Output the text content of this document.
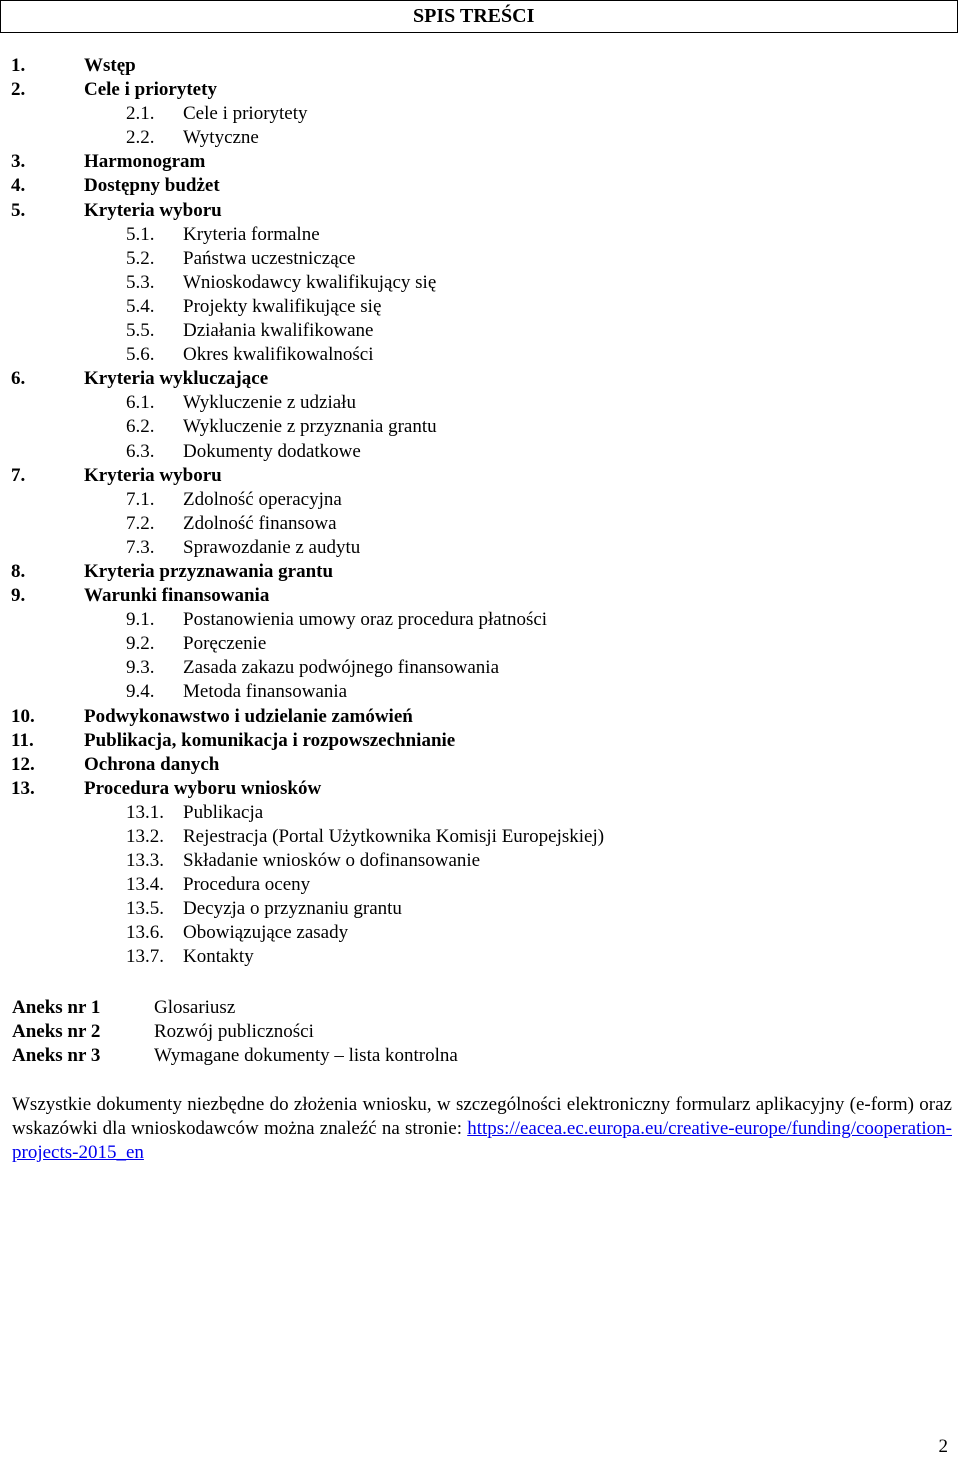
SPIS TREŚCI
1.	Wstęp
2.	Cele i priorytety
2.1. Cele i priorytety
2.2. Wytyczne
3.	Harmonogram
4.	Dostępny budżet
5.	Kryteria wyboru
5.1. Kryteria formalne
5.2. Państwa uczestniczące
5.3. Wnioskodawcy kwalifikujący się
5.4. Projekty kwalifikujące się
5.5. Działania kwalifikowane
5.6. Okres kwalifikowalności
6.	Kryteria wykluczające
6.1. Wykluczenie z udziału
6.2. Wykluczenie z przyznania grantu
6.3. Dokumenty dodatkowe
7.	Kryteria wyboru
7.1. Zdolność operacyjna
7.2. Zdolność finansowa
7.3. Sprawozdanie z audytu
8.	Kryteria przyznawania grantu
9.	Warunki finansowania
9.1. Postanowienia umowy oraz procedura płatności
9.2. Poręczenie
9.3. Zasada zakazu podwójnego finansowania
9.4. Metoda finansowania
10.	Podwykonawstwo i udzielanie zamówień
11.	Publikacja, komunikacja i rozpowszechnianie
12.	Ochrona danych
13.	Procedura wyboru wniosków
13.1. Publikacja
13.2. Rejestracja (Portal Użytkownika Komisji Europejskiej)
13.3. Składanie wniosków o dofinansowanie
13.4. Procedura oceny
13.5. Decyzja o przyznaniu grantu
13.6. Obowiązujące zasady
13.7. Kontakty
Aneks nr 1	Glosariusz
Aneks nr 2	Rozwój publiczności
Aneks nr 3	Wymagane dokumenty – lista kontrolna

Wszystkie dokumenty niezbędne do złożenia wniosku, w szczególności elektroniczny formularz aplikacyjny (e-form) oraz wskazówki dla wnioskodawców można znaleźć na stronie: https://eacea.ec.europa.eu/creative-europe/funding/cooperation-projects-2015_en

2
